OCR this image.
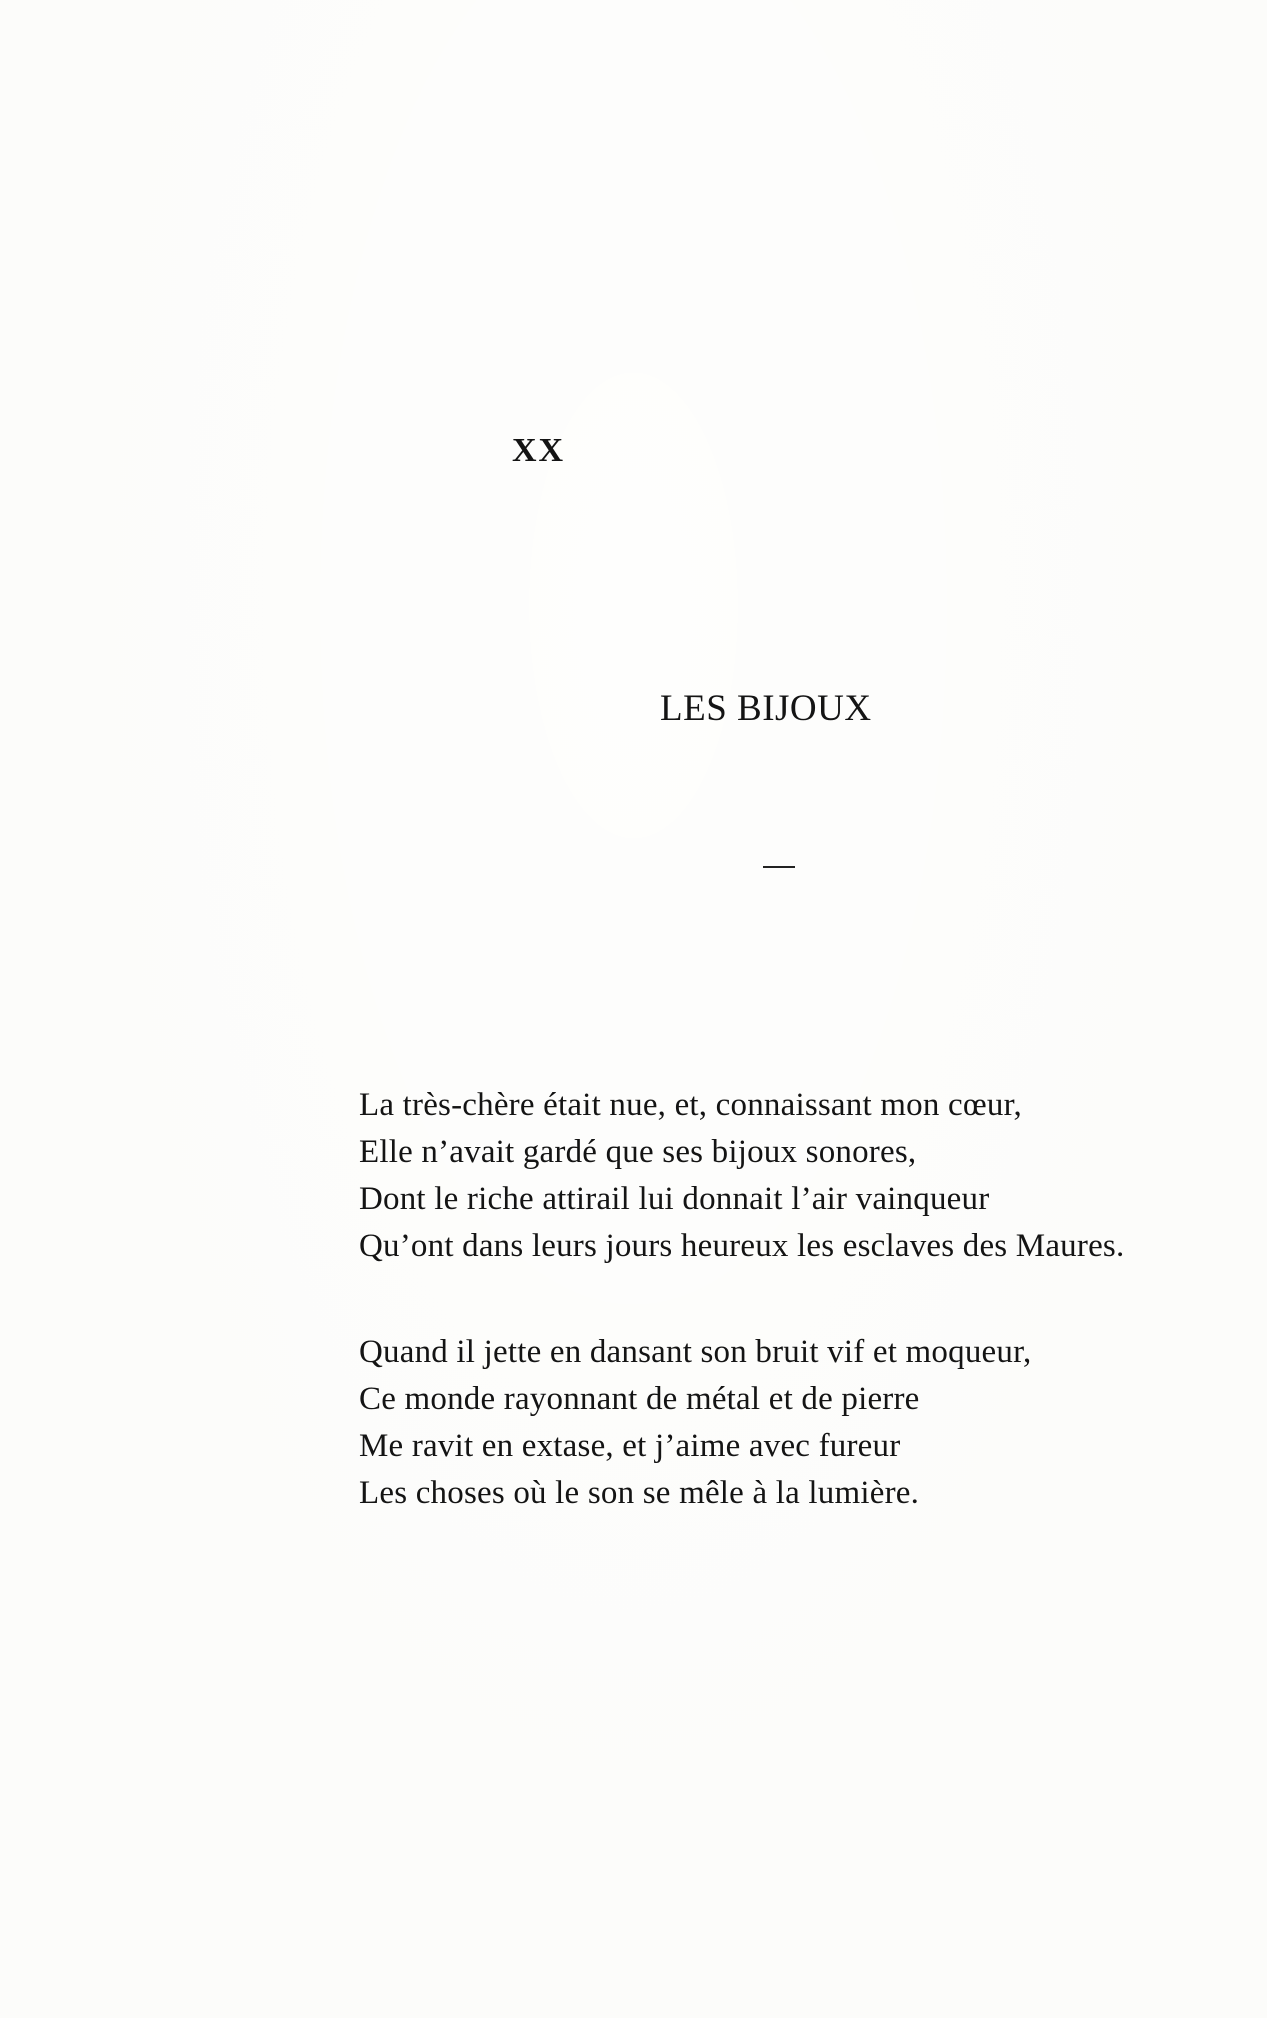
XX
LES BIJOUX

La très-chère était nue, et, connaissant mon cœur,
Elle n’avait gardé que ses bijoux sonores,
Dont le riche attirail lui donnait l’air vainqueur
Qu’ont dans leurs jours heureux les esclaves des Maures.

Quand il jette en dansant son bruit vif et moqueur,
Ce monde rayonnant de métal et de pierre
Me ravit en extase, et j’aime avec fureur
Les choses où le son se mêle à la lumière.
